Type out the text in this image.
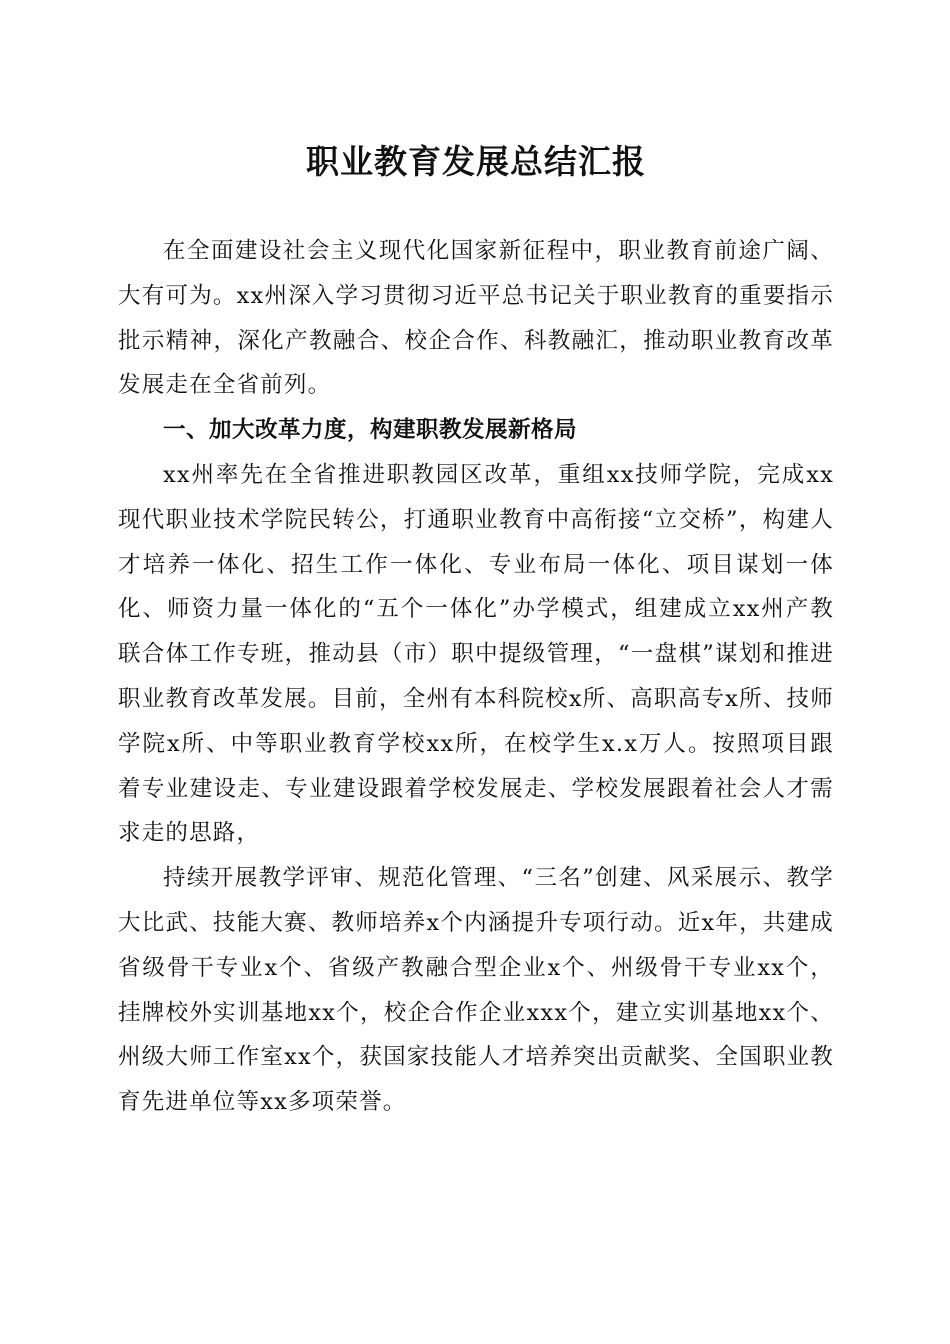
职业教育发展总结汇报

在全面建设社会主义现代化国家新征程中，职业教育前途广阔、大有可为。xx州深入学习贯彻习近平总书记关于职业教育的重要指示批示精神，深化产教融合、校企合作、科教融汇，推动职业教育改革发展走在全省前列。

一、加大改革力度，构建职教发展新格局

xx州率先在全省推进职教园区改革，重组xx技师学院，完成xx现代职业技术学院民转公，打通职业教育中高衔接“立交桥”，构建人才培养一体化、招生工作一体化、专业布局一体化、项目谋划一体化、师资力量一体化的“五个一体化”办学模式，组建成立xx州产教联合体工作专班，推动县（市）职中提级管理，“一盘棋”谋划和推进职业教育改革发展。目前，全州有本科院校x所、高职高专x所、技师学院x所、中等职业教育学校xx所，在校学生x.x万人。按照项目跟着专业建设走、专业建设跟着学校发展走、学校发展跟着社会人才需求走的思路，

持续开展教学评审、规范化管理、“三名”创建、风采展示、教学大比武、技能大赛、教师培养x个内涵提升专项行动。近x年，共建成省级骨干专业x个、省级产教融合型企业x个、州级骨干专业xx个，挂牌校外实训基地xx个，校企合作企业xxx个，建立实训基地xx个、州级大师工作室xx个，获国家技能人才培养突出贡献奖、全国职业教育先进单位等xx多项荣誉。
